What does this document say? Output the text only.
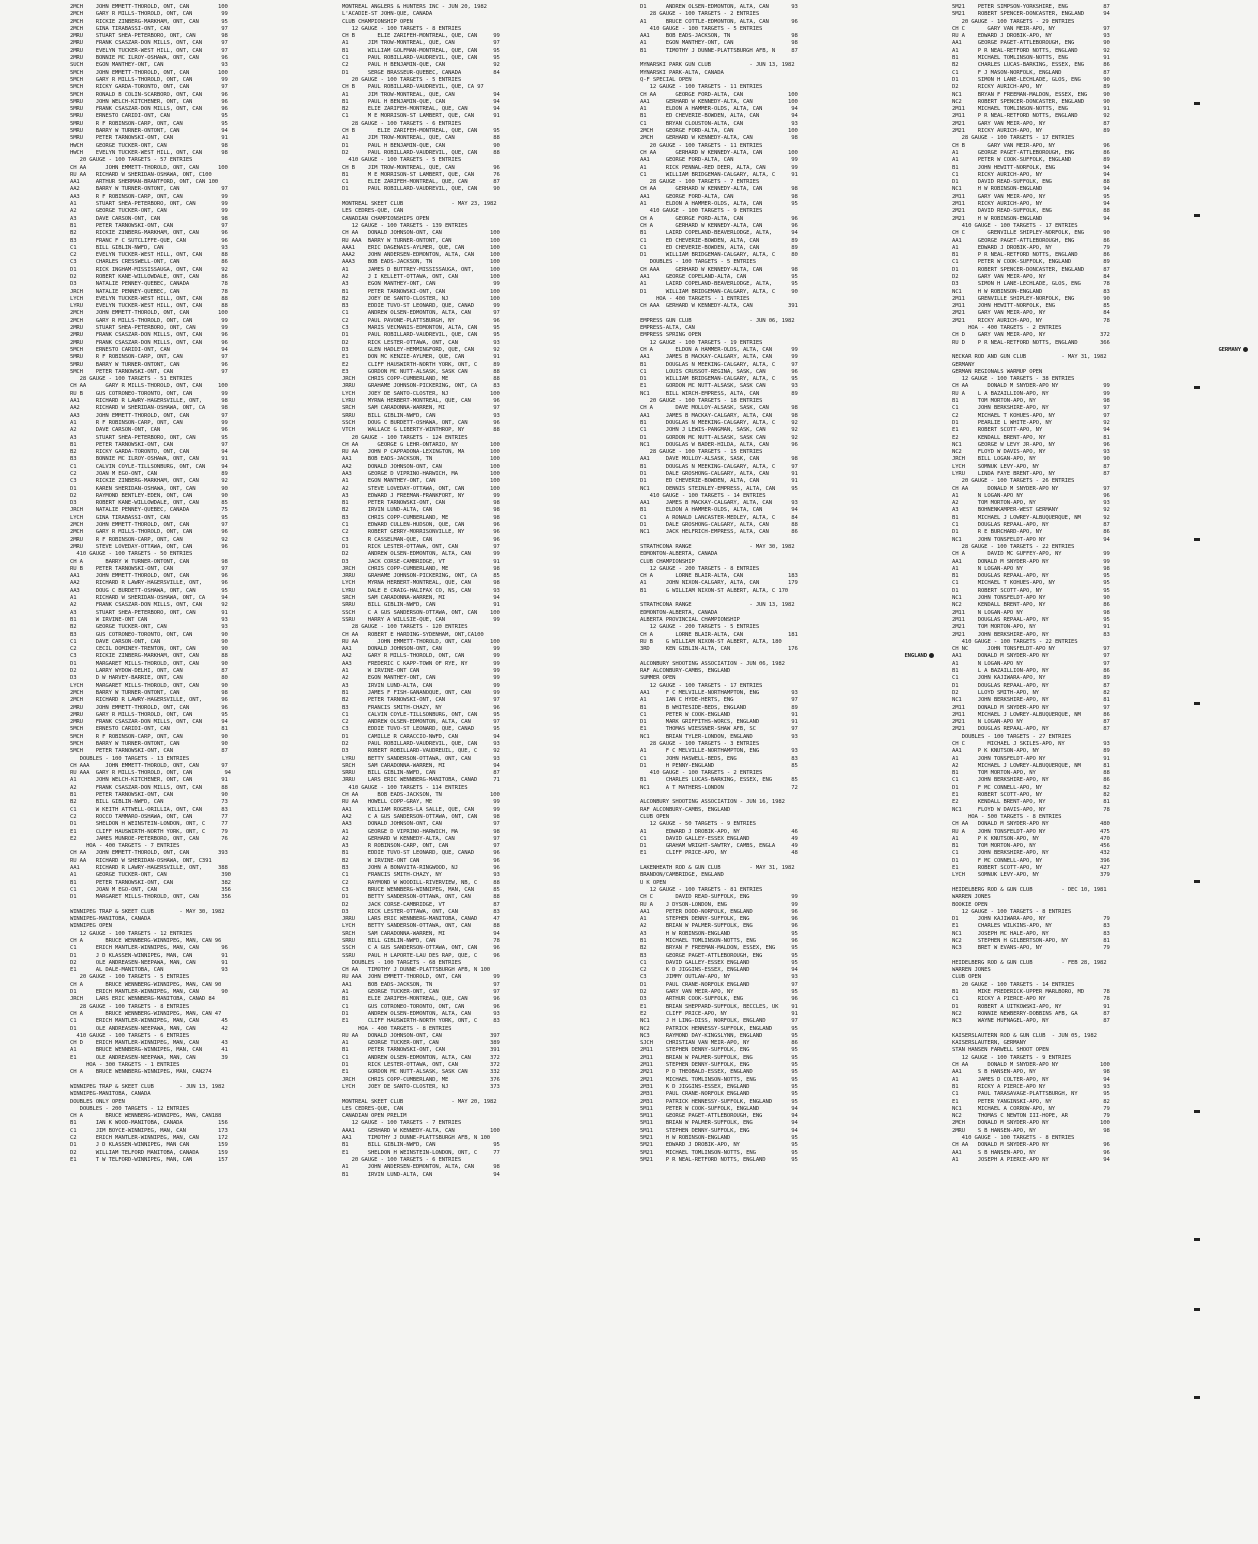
2MCH    JOHN EMMETT-THOROLD, ONT, CAN         100
2MCH    GARY R MILLS-THOROLD, ONT, CAN         99
2MCH    RICKIE ZINBERG-MARKHAM, ONT, CAN       95
2MCH    GINA TIRABASSI-ONT, CAN                97
2MRU    STUART SHEA-PETERBORO, ONT, CAN        98
2MRU    FRANK CSASZAR-DON MILLS, ONT, CAN      97
2MRU    EVELYN TUCKER-WEST HILL, ONT, CAN      97
2MRU    BONNIE MC ILROY-OSHAWA, ONT, CAN       96
SUCH    EGON MANTHEY-ONT, CAN                  93
5MCH    JOHN EMMETT-THOROLD, ONT, CAN         100
5MCH    GARY R MILLS-THOROLD, ONT, CAN         99
5MCH    RICKY GARDA-TORONTO, ONT, CAN          97
5MCH    RONALD B COLIN-SCARBORO, ONT, CAN      96
5MRU    JOHN WELCH-KITCHENER, ONT, CAN         96
5MRU    FRANK CSASZAR-DON MILLS, ONT, CAN      96
5MRU    ERNESTO CARIDI-ONT, CAN                95
5MRU    R F ROBINSON-CARP, ONT, CAN            95
5MRU    BARRY W TURNER-ONTONT, CAN             94
5MRU    PETER TARNOWSKI-ONT, CAN               91
HWCH    GEORGE TUCKER-ONT, CAN                 98
HWCH    EVELYN TUCKER-WEST HILL, ONT, CAN      98
20 GAUGE - 100 TARGETS - 57 ENTRIES
CH AA      JOHN EMMETT-THOROLD, ONT, CAN      100
RU AA   RICHARD W SHERIDAN-OSHAWA, ONT, C100
AA1     ARTHUR SHERMAN-BRANTFORD, ONT, CAN 100
AA2     BARRY W TURNER-ONTONT, CAN             97
AA3     R F ROBINSON-CARP, ONT, CAN            99
A1      STUART SHEA-PETERBORO, ONT, CAN        99
A2      GEORGE TUCKER-ONT, CAN                 99
A3      DAVE CARSON-ONT, CAN                   98
B1      PETER TARNOWSKI-ONT, CAN               97
B2      RICKIE ZINBERG-MARKHAM, ONT, CAN       96
B3      FRANC F C SUTCLIFFE-QUE, CAN           96
C1      BILL GIBLIN-NWFD, CAN                  93
C2      EVELYN TUCKER-WEST HILL, ONT, CAN      88
C3      CHARLES CRESSWELL-ONT, CAN             86
D1      RICK INGHAM-MISSISSAUGA, ONT, CAN      92
D2      ROBERT KANE-WILLOWDALE, ONT, CAN       86
D3      NATALIE PENNEY-QUEBEC, CANADA          78
JRCH    NATALIE PENNEY-QUEBEC, CAN             78
LYCH    EVELYN TUCKER-WEST HILL, ONT, CAN      88
LYRU    EVELYN TUCKER-WEST HILL, ONT, CAN      88
2MCH    JOHN EMMETT-THOROLD, ONT, CAN         100
2MCH    GARY R MILLS-THOROLD, ONT, CAN         99
2MRU    STUART SHEA-PETERBORO, ONT, CAN        99
2MRU    FRANK CSASZAR-DON MILLS, ONT, CAN      96
2MRU    FRANK CSASZAR-DON MILLS, ONT, CAN      96
5MCH    ERNESTO CARIDI-ONT, CAN                94
5MRU    R F ROBINSON-CARP, ONT, CAN            97
5MRU    BARRY W TURNER-ONTONT, CAN             96
5MCH    PETER TARNOWSKI-ONT, CAN               97
28 GAUGE - 100 TARGETS - 51 ENTRIES
CH AA      GARY R MILLS-THOROLD, ONT, CAN     100
RU B    GUS COTRONEO-TORONTO, ONT, CAN         99
AA1     RICHARD R LAWRY-HAGERSVILLE, ONT,      98
AA2     RICHARD W SHERIDAN-OSHAWA, ONT, CA     98
AA3     JOHN EMMETT-THOROLD, ONT, CAN          97
A1      R F ROBINSON-CARP, ONT, CAN            99
A2      DAVE CARSON-ONT, CAN                   96
A3      STUART SHEA-PETERBORO, ONT, CAN        95
B1      PETER TARNOWSKI-ONT, CAN               97
B2      RICKY GARDA-TORONTO, ONT, CAN          94
B3      BONNIE MC ILROY-OSHAWA, ONT, CAN       91
C1      CALVIN COYLE-TILLSONBURG, ONT, CAN     94
C2      JOAN M EGO-ONT, CAN                    89
C3      RICKIE ZINBERG-MARKHAM, ONT, CAN       92
D1      KAREN SHERIDAN-OSHAWA, ONT, CAN        90
D2      RAYMOND BENTLEY-EDEN, ONT, CAN         90
D3      ROBERT KANE-WILLOWDALE, ONT, CAN       85
JRCH    NATALIE PENNEY-QUEBEC, CANADA          75
LYCH    GINA TIRABASSI-ONT, CAN                95
2MCH    JOHN EMMETT-THOROLD, ONT, CAN          97
2MCH    GARY R MILLS-THOROLD, ONT, CAN         96
2MRU    R F ROBINSON-CARP, ONT, CAN            92
2MRU    STEVE LOVEDAY-OTTAWA, ONT, CAN         96
410 GAUGE - 100 TARGETS - 50 ENTRIES
CH A       BARRY W TURNER-ONTONT, CAN          98
RU B    PETER TARNOWSKI-ONT, CAN               97
AA1     JOHN EMMETT-THOROLD, ONT, CAN          96
AA2     RICHARD R LAWRY-HAGERSVILLE, ONT,      96
AA3     DOUG C BURDETT-OSHAWA, ONT, CAN        95
A1      RICHARD W SHERIDAN-OSHAWA, ONT, CA     94
A2      FRANK CSASZAR-DON MILLS, ONT, CAN      92
A3      STUART SHEA-PETERBORO, ONT, CAN        91
B1      W IRVINE-ONT CAN                       93
B2      GEORGE TUCKER-ONT, CAN                 93
B3      GUS COTRONEO-TORONTO, ONT, CAN         90
C1      DAVE CARSON-ONT, CAN                   90
C2      CECIL DOMINEY-TRENTON, ONT, CAN        90
C3      RICKIE ZINBERG-MARKHAM, ONT, CAN       88
D1      MARGARET MILLS-THOROLD, ONT, CAN       90
D2      LARRY WYDOW-DELHI, ONT, CAN            87
D3      D W HARVEY-BARRIE, ONT, CAN            80
LYCH    MARGARET MILLS-THOROLD, ONT, CAN       90
2MCH    BARRY W TURNER-ONTONT, CAN             98
2MCH    RICHARD R LAWRY-HAGERSVILLE, ONT,      96
2MRU    JOHN EMMETT-THOROLD, ONT, CAN          96
2MRU    GARY R MILLS-THOROLD, ONT, CAN         95
2MRU    FRANK CSASZAR-DON MILLS, ONT, CAN      94
5MCH    ERNESTO CARIDI-ONT, CAN                81
5MCH    R F ROBINSON-CARP, ONT, CAN            90
5MCH    BARRY W TURNER-ONTONT, CAN             90
5MCH    PETER TARNOWSKI-ONT, CAN               87
DOUBLES - 100 TARGETS - 13 ENTRIES
CH AAA     JOHN EMMETT-THOROLD, ONT, CAN       97
RU AAA  GARY R MILLS-THOROLD, ONT, CAN          94
A1      JOHN WELCH-KITCHENER, ONT, CAN         91
A2      FRANK CSASZAR-DON MILLS, ONT, CAN      88
B1      PETER TARNOWSKI-ONT, CAN               90
B2      BILL GIBLIN-NWFD, CAN                  73
C1      W KEITH ATTWELL-ORILLIA, ONT, CAN      83
C2      ROCCO TAMMARO-OSHAWA, ONT, CAN         77
D1      SHELDON H WEINSTEIN-LONDON, ONT, C     77
E1      CLIFF HAUSWIRTH-NORTH YORK, ONT, C     79
E2      JAMES MUNROE-PETERBORO, ONT, CAN       76
HOA - 400 TARGETS - 7 ENTRIES
CH AA   JOHN EMMETT-THOROLD, ONT, CAN         393
RU AA   RICHARD W SHERIDAN-OSHAWA, ONT, C391
AA1     RICHARD R LAWRY-HAGERSVILLE, ONT,     388
A1      GEORGE TUCKER-ONT, CAN                 390
B1      PETER TARNOWSKI-ONT, CAN               382
C1      JOAN M EGO-ONT, CAN                    356
D1      MARGARET MILLS-THOROLD, ONT, CAN       356
WINNIPEG TRAP & SKEET CLUB        - MAY 30, 1982
WINNIPEG-MANITOBA, CANADA
WINNIPEG OPEN
12 GAUGE - 100 TARGETS - 12 ENTRIES
CH A       BRUCE WENNBERG-WINNIPEG, MAN, CAN 96
C1      ERICH MANTLER-WINNIPEG, MAN, CAN       96
D1      J D KLASSEN-WINNIPEG, MAN, CAN         91
D2      OLE ANDREASEN-NEEPAWA, MAN, CAN        91
E1      AL DALE-MANITOBA, CAN                  93
20 GAUGE - 100 TARGETS - 5 ENTRIES
CH A       BRUCE WENNBERG-WINNIPEG, MAN, CAN 90
D1      ERICH MANTLER-WINNIPEG, MAN, CAN       90
JRCH    LARS ERIC WENNBERG-MANITOBA, CANAD 84
28 GAUGE - 100 TARGETS - 8 ENTRIES
CH A       BRUCE WENNBERG-WINNIPEG, MAN, CAN 47
C1      ERICH MANTLER-WINNIPEG, MAN, CAN       45
D1      OLE ANDREASEN-NEEPAWA, MAN, CAN        42
410 GAUGE - 100 TARGETS - 6 ENTRIES
CH D    ERICH MANTLER-WINNIPEG, MAN, CAN       43
A1      BRUCE WENNBERG-WINNIPEG, MAN, CAN      41
E1      OLE ANDREASEN-NEEPAWA, MAN, CAN        39
HOA - 300 TARGETS - 1 ENTRIES
CH A    BRUCE WENNBERG-WINNIPEG, MAN, CAN274
WINNIPEG TRAP & SKEET CLUB        - JUN 13, 1982
WINNIPEG-MANITOBA, CANADA
DOUBLES ONLY OPEN
DOUBLES - 200 TARGETS - 12 ENTRIES
CH A       BRUCE WENNBERG-WINNIPEG, MAN, CAN188
B1      IAN K WOOD-MANITOBA, CANADA           156
C1      JIM BOYCE-WINNIPEG, MAN, CAN          173
C2      ERICH MANTLER-WINNIPEG, MAN, CAN      172
D1      J D KLASSEN-WINNIPEG, MAN CAN         159
D2      WILLIAM TELFORD MANITOBA, CANADA      159
E1      T W TELFORD-WINNIPEG, MAN, CAN        157
MONTREAL ANGLERS & HUNTERS INC - JUN 20, 1982
L'ACADIE-ST JOHN-QUE, CANADA
CLUB CHAMPIONSHIP OPEN
12 GAUGE - 100 TARGETS - 8 ENTRIES
CH B       ELIE ZARIFEH-MONTREAL, QUE, CAN     99
A1      JIM TROW-MONTREAL, QUE, CAN            97
B1      WILLIAM GOLFMAN-MONTREAL, QUE, CAN     95
C1      PAUL ROBILLARD-VAUDREVIL, QUE, CAN     95
C2      PAUL H BENJAMIN-QUE, CAN               92
D1      SERGE BRASSEUR-QUEBEC, CANADA          84
20 GAUGE - 100 TARGETS - 5 ENTRIES
CH B    PAUL ROBILLARD-VAUDREVIL, QUE, CA 97
A1      JIM TROW-MONTREAL, QUE, CAN            94
B1      PAUL H BENJAMIN-QUE, CAN               94
B2      ELIE ZARIFEH-MONTREAL, QUE, CAN        94
C1      M E MORRISON-ST LAMBERT, QUE, CAN      91
28 GAUGE - 100 TARGETS - 6 ENTRIES
CH B       ELIE ZARIFEH-MONTREAL, QUE, CAN     95
A1      JIM TROW-MONTREAL, QUE, CAN            88
D1      PAUL H BENJAMIN-QUE, CAN               90
D2      PAUL ROBILLARD-VAUDREVIL, QUE, CAN     88
410 GAUGE - 100 TARGETS - 5 ENTRIES
CH B    JIM TROW-MONTREAL, QUE, CAN            96
B1      M E MORRISON-ST LAMBERT, QUE, CAN      76
C1      ELIE ZARIFEH-MONTREAL, QUE, CAN        87
D1      PAUL ROBILLARD-VAUDREVIL, QUE, CAN     90
MONTREAL SKEET CLUB               - MAY 23, 1982
LES CEDRES-QUE, CAN
CANADIAN CHAMPIONSHIPS OPEN
12 GAUGE - 100 TARGETS - 139 ENTRIES
CH AA   DONALD JOHNSON-ONT, CAN               100
RU AAA  BARRY W TURNER-ONTONT, CAN            100
AAA1    ERIC DAGENAIS-AYLMER, QUE, CAN        100
AAA2    JOHN ANDERSEN-EDMONTON, ALTA, CAN     100
AAA3    BOB EADS-JACKSON, TN                  100
A1      JAMES D BUTTREY-MISSISSAUGA, ONT,     100
A2      J I KELLETT-OTTAWA, ONT, CAN          100
A3      EGON MANTHEY-ONT, CAN                  99
B1      PETER TARNOWSKI-ONT, CAN              100
B2      JOEY DE SANTO-CLOSTER, NJ             100
B3      EDDIE TUVO-ST LEONARD, QUE, CANAD      99
C1      ANDREW OLSEN-EDMONTON, ALTA, CAN       97
C2      PAUL PAVONE-PLATTSBURGH, NY            96
C3      MARIS VECMANIS-EDMONTON, ALTA, CAN     95
D1      PAUL ROBILLARD-VAUDREVIL, QUE, CAN     95
D2      RICK LESTER-OTTAWA, ONT, CAN           93
D3      GLEN HADLEY-HEMMINGFORD, QUE, CAN      92
E1      DON MC KENZIE-AYLMER, QUE, CAN         91
E2      CLIFF HAUSWIRTH-NORTH YORK, ONT, C     89
E3      GORDON MC NUTT-ALSASK, SASK CAN        88
JRCH    CHRIS COPP-CUMBERLAND, ME              88
JRRU    GRAHAME JOHNSON-PICKERING, ONT, CA     83
LYCH    JOEY DE SANTO-CLOSTER, NJ             100
LYRU    MYRNA HERBERT-MONTREAL, QUE, CAN       96
SRCH    SAM CARADONNA-WARREN, MI               97
SRRU    BILL GIBLIN-NWFD, CAN                  93
SSCH    DOUG C BURDETT-OSHAWA, ONT, CAN        96
VTCH    WALLACE G LIBERTY-WINTHROP, NY         88
20 GAUGE - 100 TARGETS - 124 ENTRIES
CH AA      GEORGE G LEHR-ONTARIO, NY          100
RU AA   JOHN P CAPPADONA-LEXINGTON, MA        100
AA1     BOB EADS-JACKSON, TN                  100
AA2     DONALD JOHNSON-ONT, CAN               100
AA3     GEORGE D VIPRINO-HARWICH, MA          100
A1      EGON MANTHEY-ONT, CAN                 100
A2      STEVE LOVEDAY-OTTAWA, ONT, CAN        100
A3      EDWARD J FREEMAN-FRANKFORT, NY         99
B1      PETER TARNOWSKI-ONT, CAN               98
B2      IRVIN LUND-ALTA, CAN                   98
B3      CHRIS COPP-CUMBERLAND, ME              98
C1      EDWARD CULLEN-HUDSON, QUE, CAN         96
C2      ROBERT GERRY-MORRISONVILLE, NY         96
C3      R CASSELMAN-QUE, CAN                   96
D1      RICK LESTER-OTTAWA, ONT, CAN           97
D2      ANDREW OLSEN-EDMONTON, ALTA, CAN       99
D3      JACK CORSE-CAMBRIDGE, VT               91
JRCH    CHRIS COPP-CUMBERLAND, ME              98
JRRU    GRAHAME JOHNSON-PICKERING, ONT, CA     85
LYCH    MYRNA HERBERT-MONTREAL, QUE, CAN       98
LYRU    DALE E CRAIG-HALIFAX CO, NS, CAN       93
SRCH    SAM CARADONNA-WARREN, MI               94
SRRU    BILL GIBLIN-NWFD, CAN                  91
SSCH    C A GUS SANDERSON-OTTAWA, ONT, CAN    100
SSRU    HARRY A WILLSIE-QUE, CAN               99
28 GAUGE - 100 TARGETS - 120 ENTRIES
CH AA   ROBERT E HARDING-SYDENHAM, ONT,CA100
RU AA      JOHN EMMETT-THOROLD, ONT, CAN      100
AA1     DONALD JOHNSON-ONT, CAN                99
AA2     GARY R MILLS-THOROLD, ONT, CAN         99
AA3     FREDERIC C KAPP-TOWN OF RYE, NY        99
A1      W IRVINE-ONT CAN                       99
A2      EGON MANTHEY-ONT, CAN                  99
A3      IRVIN LUND-ALTA, CAN                   99
B1      JAMES F FISH-GANANOQUE, ONT, CAN       99
B2      PETER TARNOWSKI-ONT, CAN               97
B3      FRANCIS SMITH-CHAZY, NY                96
C1      CALVIN COYLE-TILLSONBURG, ONT, CAN     95
C2      ANDREW OLSEN-EDMONTON, ALTA, CAN       97
C3      EDDIE TUVO-ST LEONARD, QUE, CANAD      95
D1      CAMILLE R CARACCIO-NWFD, CAN           94
D2      PAUL ROBILLARD-VAUDREVIL, QUE, CAN     93
D3      ROBERT ROBILLARD-VAUDREUIL, QUE, C     92
LYRU    BETTY SANDERSON-OTTAWA, ONT, CAN       93
SRCH    SAM CARADONNA-WARREN, MI               94
SRRU    BILL GIBLIN-NWFD, CAN                  87
JRRU    LARS ERIC WENNBERG-MANITOBA, CANAD     71
410 GAUGE - 100 TARGETS - 114 ENTRIES
CH AA      BOB EADS-JACKSON, TN               100
RU AA   HOWELL COPP-GRAY, ME                   99
AA1     WILLIAM ROGERS-LA SALLE, QUE, CAN      99
AA2     C A GUS SANDERSON-OTTAWA, ONT, CAN     98
AA3     DONALD JOHNSON-ONT, CAN                97
A1      GEORGE D VIPRINO-HARWICH, MA           98
A2      GERHARD W KENNEDY-ALTA, CAN            97
A3      R ROBINSON-CARP, ONT, CAN              97
B1      EDDIE TUVO-ST LEONARD, QUE, CANAD      96
B2      W IRVINE-ONT CAN                       96
B3      JOHN A BONAVITA-RINGWOOD, NJ           96
C1      FRANCIS SMITH-CHAZY, NY                93
C2      RAYMOND W WOODILL-RIVERVIEW, NB, C     88
C3      BRUCE WENNBERG-WINNIPEG, MAN, CAN      85
D1      BETTY SANDERSON-OTTAWA, ONT, CAN       88
D2      JACK CORSE-CAMBRIDGE, VT               87
D3      RICK LESTER-OTTAWA, ONT, CAN           83
JRRU    LARS ERIC WENNBERG-MANITOBA, CANAD     47
LYCH    BETTY SANDERSON-OTTAWA, ONT, CAN       88
SRCH    SAM CARADONNA-WARREN, MI               94
SRRU    BILL GIBLIN-NWFD, CAN                  78
SSCH    C A GUS SANDERSON-OTTAWA, ONT, CAN     96
SSRU    PAUL H LAPORTE-LAU DES RAP, QUE, C     96
DOUBLES - 100 TARGETS - 68 ENTRIES
CH AA   TIMOTHY J DUNNE-PLATTSBURGH AFB, N 100
RU AAA  JOHN EMMETT-THOROLD, ONT, CAN          99
AA1     BOB EADS-JACKSON, TN                   97
A1      GEORGE TUCKER-ONT, CAN                 97
B1      ELIE ZARIFEH-MONTREAL, QUE, CAN        96
C1      GUS COTRONEO-TORONTO, ONT, CAN         96
D1      ANDREW OLSEN-EDMONTON, ALTA, CAN       93
E1      CLIFF HAUSWIRTH-NORTH YORK, ONT, C     83
HOA - 400 TARGETS - 8 ENTRIES
RU AA   DONALD JOHNSON-ONT, CAN               397
A1      GEORGE TUCKER-ONT, CAN                389
B1      PETER TARNOWSKI-ONT, CAN              391
C1      ANDREW OLSEN-EDMONTON, ALTA, CAN      372
D1      RICK LESTER-OTTAWA, ONT, CAN          372
E1      GORDON MC NUTT-ALSASK, SASK CAN       332
JRCH    CHRIS COPP-CUMBERLAND, ME             376
LYCH    JOEY DE SANTO-CLOSTER, NJ             373
MONTREAL SKEET CLUB               - MAY 20, 1982
LES CEDRES-QUE, CAN
CANADIAN OPEN PRELIM
12 GAUGE - 100 TARGETS - 7 ENTRIES
AAA1    GERHARD W KENNEDY-ALTA, CAN           100
AA1     TIMOTHY J DUNNE-PLATTSBURGH AFB, N 100
B1      BILL GIBLIN-NWFD, CAN                  95
E1      SHELDON H WEINSTEIN-LONDON, ONT, C     77
20 GAUGE - 100 TARGETS - 6 ENTRIES
A1      JOHN ANDERSEN-EDMONTON, ALTA, CAN      98
B1      IRVIN LUND-ALTA, CAN                   94
D1      ANDREW OLSEN-EDMONTON, ALTA, CAN       93
28 GAUGE - 100 TARGETS - 2 ENTRIES
A1      BRUCE COTTLE-EDMONTON, ALTA, CAN       96
410 GAUGE - 100 TARGETS - 5 ENTRIES
AA1     BOB EADS-JACKSON, TN                   98
A1      EGON MANTHEY-ONT, CAN                  98
B1      TIMOTHY J DUNNE-PLATTSBURGH AFB, N     87
MYNARSKI PARK GUN CLUB            - JUN 13, 1982
MYNARSKI PARK-ALTA, CANADA
Q-F SPECIAL OPEN
12 GAUGE - 100 TARGETS - 11 ENTRIES
CH AA      GEORGE FORD-ALTA, CAN              100
AA1     GERHARD W KENNEDY-ALTA, CAN           100
A1      ELDON A HAMMER-OLDS, ALTA, CAN         94
B1      ED CHEVERIE-BOWDEN, ALTA, CAN          94
C1      BRYAN CLOUSTON-ALTA, CAN               93
2MCH    GEORGE FORD-ALTA, CAN                 100
2MCH    GERHARD W KENNEDY-ALTA, CAN            98
20 GAUGE - 100 TARGETS - 11 ENTRIES
CH AA      GERHARD W KENNEDY-ALTA, CAN        100
AA1     GEORGE FORD-ALTA, CAN                  99
A1      RICK PENNAL-RED DEER, ALTA, CAN        99
C1      WILLIAM BRIDGEMAN-CALGARY, ALTA, C     91
28 GAUGE - 100 TARGETS - 7 ENTRIES
CH AA      GERHARD W KENNEDY-ALTA, CAN         98
AA1     GEORGE FORD-ALTA, CAN                  98
A1      ELDON A HAMMER-OLDS, ALTA, CAN         95
410 GAUGE - 100 TARGETS - 9 ENTRIES
CH A       GEORGE FORD-ALTA, CAN               96
CH A       GERHARD W KENNEDY-ALTA, CAN         96
B1      LAIRD COPELAND-BEAVERLODGE, ALTA,      94
C1      ED CHEVERIE-BOWDEN, ALTA, CAN          89
C1      ED CHEVERIE-BOWDEN, ALTA, CAN          89
D1      WILLIAM BRIDGEMAN-CALGARY, ALTA, C     80
DOUBLES - 100 TARGETS - 5 ENTRIES
CH AAA     GERHARD W KENNEDY-ALTA, CAN         98
AA1     GEORGE COPELAND-ALTA, CAN              95
A1      LAIRD COPELAND-BEAVERLODGE, ALTA,      95
D1      WILLIAM BRIDGEMAN-CALGARY, ALTA, C     90
HOA - 400 TARGETS - 1 ENTRIES
CH AAA  GERHARD W KENNEDY-ALTA, CAN           391
EMPRESS GUN CLUB                  - JUN 06, 1982
EMPRESS-ALTA, CAN
EMPRESS SPRING OPEN
12 GAUGE - 100 TARGETS - 19 ENTRIES
CH A       ELDON A HAMMER-OLDS, ALTA, CAN      99
AA1     JAMES B MACKAY-CALGARY, ALTA, CAN      99
B1      DOUGLAS N MEEKING-CALGARY, ALTA, C     97
C1      LOUIS CRUSSOT-REGINA, SASK, CAN        96
D1      WILLIAM BRIDGEMAN-CALGARY, ALTA, C     95
E1      GORDON MC NUTT-ALSASK, SASK CAN        93
NC1     BILL WIRCH-EMPRESS, ALTA, CAN          89
20 GAUGE - 100 TARGETS - 18 ENTRIES
CH A       DAVE MOLLOY-ALSASK, SASK, CAN       98
AA1     JAMES B MACKAY-CALGARY, ALTA, CAN      98
B1      DOUGLAS N MEEKING-CALGARY, ALTA, C     92
C1      JOHN J LEWIS-PANGMAN, SASK, CAN        92
D1      GORDON MC NUTT-ALSASK, SASK CAN        92
NC1     DOUGLAS W BADER-HILDA, ALTA, CAN       96
28 GAUGE - 100 TARGETS - 15 ENTRIES
AA1     DAVE MOLLOY-ALSASK, SASK, CAN          98
B1      DOUGLAS N MEEKING-CALGARY, ALTA, C     97
D1      DALE GROSHONG-CALGARY, ALTA, CAN       91
D1      ED CHEVERIE-BOWDEN, ALTA, CAN          91
NC1     DENNIS STEINLEY-EMPRESS, ALTA, CAN     95
410 GAUGE - 100 TARGETS - 14 ENTRIES
AA1     JAMES B MACKAY-CALGARY, ALTA, CAN      93
B1      ELDON A HAMMER-OLDS, ALTA, CAN         94
C1      A RONALD LANCASTER-MEDLEY, ALTA, C     84
D1      DALE GROSHONG-CALGARY, ALTA, CAN       88
NC1     JACK HELFRICH-EMPRESS, ALTA, CAN       86
STRATHCONA RANGE                  - MAY 30, 1982
EDMONTON-ALBERTA, CANADA
CLUB CHAMPIONSHIP
12 GAUGE - 200 TARGETS - 8 ENTRIES
CH A       LORNE BLAIR-ALTA, CAN              183
A1      JOHN NIXON-CALGARY, ALTA, CAN         179
B1      G WILLIAM NIXON-ST ALBERT, ALTA, C 170
STRATHCONA RANGE                  - JUN 13, 1982
EDMONTON-ALBERTA, CANADA
ALBERTA PROVINCIAL CHAMPIONSHIP
12 GAUGE - 200 TARGETS - 5 ENTRIES
CH A       LORNE BLAIR-ALTA, CAN              181
RU B    G WILLIAM NIXON-ST ALBERT, ALTA, 180
3RD     KEN GIBLIN-ALTA, CAN                  176
ENGLAND
ALCONBURY SHOOTING ASSOCIATION - JUN 06, 1982
RAF ALCONBURY-CAMBS, ENGLAND
SUMMER OPEN
12 GAUGE - 100 TARGETS - 17 ENTRIES
AA1     F C MELVILLE-NORTHAMPTON, ENG          93
A1      IAN C HYDE-HERTS, ENG                  97
B1      B WHITESIDE-BEDS, ENGLAND              89
C1      PETER W COOK-ENGLAND                   91
D1      MARK GRIFFITHS-WORCS, ENGLAND          91
E1      THOMAS WIESSNER-SHAW AFB, SC           97
NC1     BRIAN TYLER-LONDON, ENGLAND            93
28 GAUGE - 100 TARGETS - 3 ENTRIES
A1      F C MELVILLE-NORTHAMPTON, ENG          93
C1      JOHN HASWELL-BEDS, ENG                 83
D1      H PENNY-ENGLAND                        85
410 GAUGE - 100 TARGETS - 2 ENTRIES
B1      CHARLES LUCAS-BARKING, ESSEX, ENG      85
NC1     A T MATHERS-LONDON                     72
ALCONBURY SHOOTING ASSOCIATION - JUN 16, 1982
RAF ALCONBURY-CAMBS, ENGLAND
CLUB OPEN
12 GAUGE - 50 TARGETS - 9 ENTRIES
A1      EDWARD J DROBIK-APO, NY                46
C1      DAVID GALLEY-ESSEX ENGLAND             49
D1      GRAHAM WRIGHT-SAWTRY, CAMBS, ENGLA     49
E1      CLIFF PRICE-APO, NY                    48
LAKENHEATH ROD & GUN CLUB         - MAY 31, 1982
BRANDON/CAMBRIDGE, ENGLAND
U K OPEN
12 GAUGE - 100 TARGETS - 81 ENTRIES
CH C       DAVID READ-SUFFOLK, ENG             99
RU A    J DYSON-LONDON, ENG                    99
AA1     PETER DODD-NORFOLK, ENGLAND            96
A1      STEPHEN DENNY-SUFFOLK, ENG             96
A2      BRIAN W PALMER-SUFFOLK, ENG            96
A3      H W ROBINSON-ENGLAND                   95
B1      MICHAEL TOMLINSON-NOTTS, ENG           96
B2      BRYAN F FREEMAN-MALDON, ESSEX, ENG     95
B3      GEORGE PAGET-ATTLEBOROUGH, ENG         95
C1      DAVID GALLEY-ESSEX ENGLAND             95
C2      K D JIGGINS-ESSEX, ENGLAND             94
C3      JIMMY OUTLAW-APO, NY                   93
D1      PAUL CRANE-NORFOLK ENGLAND             97
D2      GARY VAN MEIR-APO, NY                  95
D3      ARTHUR COOK-SUFFOLK, ENG               96
E1      BRIAN SHEPPARD-SUFFOLK, BECCLES, UK    91
E2      CLIFF PRICE-APO, NY                    91
NC1     J H LING-DISS, NORFOLK, ENGLAND        97
NC2     PATRICK HENNESSY-SUFFOLK, ENGLAND      95
NC3     RAYMOND DAY-KINGSLYNN, ENGLAND         95
SJCH    CHRISTIAN VAN MEIR-APO, NY             86
2M11    STEPHEN DENNY-SUFFOLK, ENG             95
2M11    BRIAN W PALMER-SUFFOLK, ENG            95
2M11    STEPHEN DENNY-SUFFOLK, ENG             95
2M21    P D THEOBALD-ESSEX, ENGLAND            95
2M21    MICHAEL TOMLINSON-NOTTS, ENG           95
2M31    K D JIGGINS-ESSEX, ENGLAND             95
2M31    PAUL CRANE-NORFOLK ENGLAND             95
2M31    PATRICK HENNESSY-SUFFOLK, ENGLAND      95
5M11    PETER W COOK-SUFFOLK, ENGLAND          94
5M11    GEORGE PAGET-ATTLEBOROUGH, ENG         94
5M11    BRIAN W PALMER-SUFFOLK, ENG            94
5M11    STEPHEN DENNY-SUFFOLK, ENG             94
5M21    H W ROBINSON-ENGLAND                   95
5M21    EDWARD J DROBIK-APO, NY                95
5M21    MICHAEL TOMLINSON-NOTTS, ENG           95
5M21    P R NEAL-RETFORD NOTTS, ENGLAND        95
5M21    PETER SIMPSON-YORKSHIRE, ENG           87
5M21    ROBERT SPENCER-DONCASTER, ENGLAND      94
20 GAUGE - 100 TARGETS - 29 ENTRIES
CH C       GARY VAN MEIR-APO, NY               97
RU A    EDWARD J DROBIK-APO, NY                93
AA1     GEORGE PAGET-ATTLEBOROUGH, ENG         90
A1      P R NEAL-RETFORD NOTTS, ENGLAND        92
B1      MICHAEL TOMLINSON-NOTTS, ENG           91
B2      CHARLES LUCAS-BARKING, ESSEX, ENG      86
C1      F J MASON-NORFOLK, ENGLAND             87
D1      SIMON H LANE-LECHLADE, GLOS, ENG       90
D2      RICKY AURICH-APO, NY                   89
NC1     BRYAN F FREEMAN-MALDON, ESSEX, ENG     90
NC2     ROBERT SPENCER-DONCASTER, ENGLAND      90
2M11    MICHAEL TOMLINSON-NOTTS, ENG           91
2M11    P R NEAL-RETFORD NOTTS, ENGLAND        92
2M21    GARY VAN MEIR-APO, NY                  87
2M21    RICKY AURICH-APO, NY                   89
28 GAUGE - 100 TARGETS - 17 ENTRIES
CH B       GARY VAN MEIR-APO, NY               96
A1      GEORGE PAGET-ATTLEBOROUGH, ENG         86
A1      PETER W COOK-SUFFOLK, ENGLAND          89
B1      JOHN HEWITT-NORFOLK, ENG               94
C1      RICKY AURICH-APO, NY                   94
D1      DAVID READ-SUFFOLK, ENG                88
NC1     H W ROBINSON-ENGLAND                   94
2M11    GARY VAN MEIR-APO, NY                  95
2M11    RICKY AURICH-APO, NY                   94
2M21    DAVID READ-SUFFOLK, ENG                88
2M21    H W ROBINSON-ENGLAND                   94
410 GAUGE - 100 TARGETS - 17 ENTRIES
CH C       GRENVILLE SHIPLEY-NORFOLK, ENG      90
AA1     GEORGE PAGET-ATTLEBOROUGH, ENG         86
A1      EDWARD J DROBIK-APO, NY                79
B1      P R NEAL-RETFORD NOTTS, ENGLAND        86
C1      PETER W COOK-SUFFOLK, ENGLAND          89
D1      ROBERT SPENCER-DONCASTER, ENGLAND      87
D2      GARY VAN MEIR-APO, NY                  84
D3      SIMON H LANE-LECHLADE, GLOS, ENG       78
NC1     H W ROBINSON-ENGLAND                   83
2M11    GRENVILLE SHIPLEY-NORFOLK, ENG         90
2M11    JOHN HEWITT-NORFOLK, ENG               85
2M21    GARY VAN MEIR-APO, NY                  84
2M21    RICKY AURICH-APO, NY                   78
HOA - 400 TARGETS - 2 ENTRIES
CH D    GARY VAN MEIR-APO, NY                 372
RU D    P R NEAL-RETFORD NOTTS, ENGLAND       366
GERMANY
NECKAR ROD AND GUN CLUB           - MAY 31, 1982
GERMANY
GERMAN REGIONALS WARMUP OPEN
12 GAUGE - 100 TARGETS - 38 ENTRIES
CH AA      DONALD M SNYDER-APO NY              99
RU A    L A BAZAILLION-APO, NY                 99
B1      TOM MORTON-APO, NY                     98
C1      JOHN BERKSHIRE-APO, NY                 97
C2      MICHAEL T KOHUES-APO, NY               97
D1      PEARLIE L WHITE-APO, NY                92
E1      ROBERT SCOTT-APO, NY                   94
E2      KENDALL BRENT-APO, NY                  81
NC1     GEORGE W LEVY JR-APO, NY               96
NC2     FLOYD W DAVIS-APO, NY                  93
JRCH    BILL LOGAN-APO, NY                     90
LYCH    SOMNUK LEVY-APO, NY                    87
LYRU    LINDA FAYE BRENT-APO, NY               87
20 GAUGE - 100 TARGETS - 26 ENTRIES
CH AA      DONALD M SNYDER-APO NY              97
A1      N LOGAN-APO NY                         96
A2      TOM MORTON-APO, NY                     93
A3      BOHNENKAMPER-WEST GERMANY              92
B1      MICHAEL J LOWREY-ALBUQUERQUE, NM       92
C1      DOUGLAS REPAAL-APO, NY                 87
D1      R E BURCHARD-APO, NY                   86
NC1     JOHN TONSFELDT-APO NY                  94
28 GAUGE - 100 TARGETS - 22 ENTRIES
CH A       DAVID MC GUFFEY-APO, NY             99
AA1     DONALD M SNYDER-APO NY                 99
A1      N LOGAN-APO NY                         98
B1      DOUGLAS REPAAL-APO, NY                 95
C1      MICHAEL T KOHUES-APO, NY               95
D1      ROBERT SCOTT-APO, NY                   95
NC1     JOHN TONSFELDT-APO NY                  90
NC2     KENDALL BRENT-APO, NY                  86
2M11    N LOGAN-APO NY                         98
2M11    DOUGLAS REPAAL-APO, NY                 95
2M21    TOM MORTON-APO, NY                     91
2M21    JOHN BERKSHIRE-APO, NY                 83
410 GAUGE - 100 TARGETS - 22 ENTRIES
CH NC      JOHN TONSFELDT-APO NY               97
AA1     DONALD M SNYDER-APO NY                 97
A1      N LOGAN-APO NY                         97
B1      L A BAZAILLION-APO, NY                 86
C1      JOHN KAJIWARA-APO, NY                  89
D1      DOUGLAS REPAAL-APO, NY                 87
D2      LLOYD SMITH-APO, NY                    82
NC1     JOHN BERKSHIRE-APO, NY                 81
2M11    DONALD M SNYDER-APO NY                 97
2M11    MICHAEL J LOWREY-ALBUQUERQUE, NM       86
2M21    N LOGAN-APO NY                         87
2M21    DOUGLAS REPAAL-APO, NY                 87
DOUBLES - 100 TARGETS - 27 ENTRIES
CH C       MICHAEL J SKILES-APO, NY            93
AA1     P K KNUTSON-APO, NY                    89
A1      JOHN TONSFELDT-APO NY                  91
A2      MICHAEL J LOWREY-ALBUQUERQUE, NM       81
B1      TOM MORTON-APO, NY                     88
C1      JOHN BERKSHIRE-APO, NY                 86
D1      F MC CONNELL-APO, NY                   82
E1      ROBERT SCOTT-APO, NY                   82
E2      KENDALL BRENT-APO, NY                  81
NC1     FLOYD W DAVIS-APO, NY                  78
HOA - 500 TARGETS - 8 ENTRIES
CH AA   DONALD M SNYDER-APO NY                480
RU A    JOHN TONSFELDT-APO NY                 475
A1      P K KNUTSON-APO, NY                   470
B1      TOM MORTON-APO, NY                    456
C1      JOHN BERKSHIRE-APO, NY                432
D1      F MC CONNELL-APO, NY                  396
E1      ROBERT SCOTT-APO, NY                  427
LYCH    SOMNUK LEVY-APO, NY                   379
HEIDELBERG ROD & GUN CLUB         - DEC 10, 1981
WARREN JONES
BOOKIE OPEN
12 GAUGE - 100 TARGETS - 8 ENTRIES
D1      JOHN KAJIWARA-APO, NY                  79
E1      CHARLES WILKINS-APO, NY                83
NC1     JOSEPH MC HALE-APO, NY                 83
NC2     STEPHEN H GILBERTSON-APO, NY           81
NC3     BRET W EVANS-APO, NY                   79
HEIDELBERG ROD & GUN CLUB         - FEB 28, 1982
WARREN JONES
CLUB OPEN
20 GAUGE - 100 TARGETS - 14 ENTRIES
B1      MIKE FREDERICK-UPPER MARLBORO, MD      78
C1      RICKY A PIERCE-APO NY                  78
D1      ROBERT A UITKOWSKI-APO, NY             91
NC2     RONNIE NEWBERRY-DOBBINS AFB, GA        87
NC3     WAYNE HUFNAGEL-APO, NY                 87
KAISERSLAUTERN ROD & GUN CLUB  - JUN 05, 1982
KAISERSLAUTERN, GERMANY
STAN HANSEN FARWELL SHOOT OPEN
12 GAUGE - 100 TARGETS - 9 ENTRIES
CH AA      DONALD M SNYDER-APO NY             100
AA1     S B HANSEN-APO, NY                     98
A1      JAMES D COLTER-APO, NY                 94
B1      RICKY A PIERCE-APO NY                  93
C1      PAUL TARASAVAGE-PLATTSBURGH, NY        95
E1      PETER YANGINSKI-APO, NY                82
NC1     MICHAEL A CORROW-APO, NY               79
NC2     THOMAS C NEWTON III-HOPE, AR           79
2MCH    DONALD M SNYDER-APO NY                100
2MRU    S B HANSEN-APO, NY                     98
410 GAUGE - 100 TARGETS - 8 ENTRIES
CH AA   DONALD M SNYDER-APO NY                 96
AA1     S B HANSEN-APO, NY                     96
A1      JOSEPH A PIERCE-APO NY                 94
